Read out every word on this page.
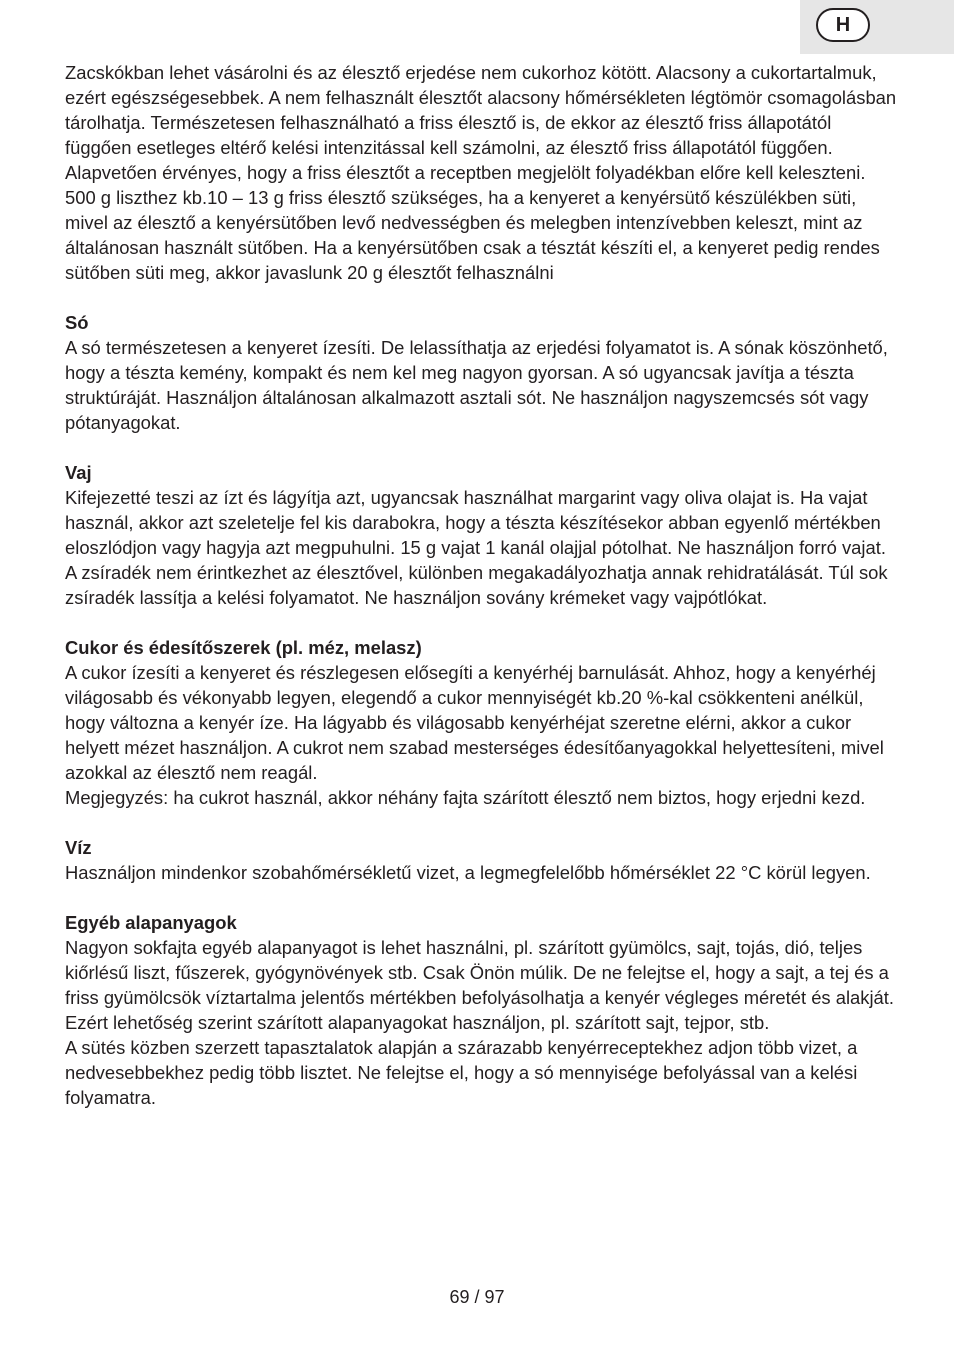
H

Zacskókban lehet vásárolni és az élesztő erjedése nem cukorhoz kötött. Alacsony a cukortartalmuk, ezért egészségesebbek. A nem felhasznált élesztőt alacsony hőmérsékleten légtömör csomagolásban tárolhatja. Természetesen felhasználható a friss élesztő is, de ekkor az élesztő friss állapotától függően esetleges eltérő kelési intenzitással kell számolni, az élesztő friss állapotától függően. Alapvetően érvényes, hogy a friss élesztőt a receptben megjelölt folyadékban előre kell keleszteni. 500 g liszthez kb.10 – 13 g friss élesztő szükséges, ha a kenyeret a kenyérsütő készülékben süti, mivel az élesztő a kenyérsütőben levő nedvességben és melegben intenzívebben keleszt, mint az általánosan használt sütőben. Ha a kenyérsütőben csak a tésztát készíti el, a kenyeret pedig rendes sütőben süti meg, akkor javaslunk 20 g élesztőt felhasználni

Só

A só természetesen a kenyeret ízesíti. De lelassíthatja az erjedési folyamatot is. A sónak köszönhető, hogy a tészta kemény, kompakt és nem kel meg nagyon gyorsan. A só ugyancsak javítja a tészta struktúráját. Használjon általánosan alkalmazott asztali sót. Ne használjon nagyszemcsés sót vagy pótanyagokat.

Vaj

Kifejezetté teszi az ízt és lágyítja azt, ugyancsak használhat margarint vagy oliva olajat is. Ha vajat használ, akkor azt szeletelje fel kis darabokra, hogy a tészta készítésekor abban egyenlő mértékben eloszlódjon vagy hagyja azt megpuhulni. 15 g vajat 1 kanál olajjal pótolhat. Ne használjon forró vajat. A zsíradék nem érintkezhet az élesztővel, különben megakadályozhatja annak rehidratálását. Túl sok zsíradék lassítja a kelési folyamatot. Ne használjon sovány krémeket vagy vajpótlókat.

Cukor és édesítőszerek (pl. méz, melasz)

A cukor ízesíti a kenyeret és részlegesen elősegíti a kenyérhéj barnulását. Ahhoz, hogy a kenyérhéj világosabb és vékonyabb legyen, elegendő a cukor mennyiségét kb.20 %-kal csökkenteni anélkül, hogy változna a kenyér íze. Ha lágyabb és világosabb kenyérhéjat szeretne elérni, akkor a cukor helyett mézet használjon. A cukrot nem szabad mesterséges édesítőanyagokkal helyettesíteni, mivel azokkal az élesztő nem reagál.

Megjegyzés: ha cukrot használ, akkor néhány fajta szárított élesztő nem biztos, hogy erjedni kezd.

Víz

Használjon mindenkor szobahőmérsékletű vizet, a legmegfelelőbb hőmérséklet 22 °C körül legyen.

Egyéb alapanyagok

Nagyon sokfajta egyéb alapanyagot is lehet használni, pl. szárított gyümölcs, sajt, tojás, dió, teljes kiőrlésű liszt, fűszerek, gyógynövények stb. Csak Önön múlik. De ne felejtse el, hogy a sajt, a tej és a friss gyümölcsök víztartalma jelentős mértékben befolyásolhatja a kenyér végleges méretét és alakját. Ezért lehetőség szerint szárított alapanyagokat használjon, pl. szárított sajt, tejpor, stb.

A sütés közben szerzett tapasztalatok alapján a szárazabb kenyérreceptekhez adjon több vizet, a nedvesebbekhez pedig több lisztet. Ne felejtse el, hogy a só mennyisége befolyással van a kelési folyamatra.

69 / 97
